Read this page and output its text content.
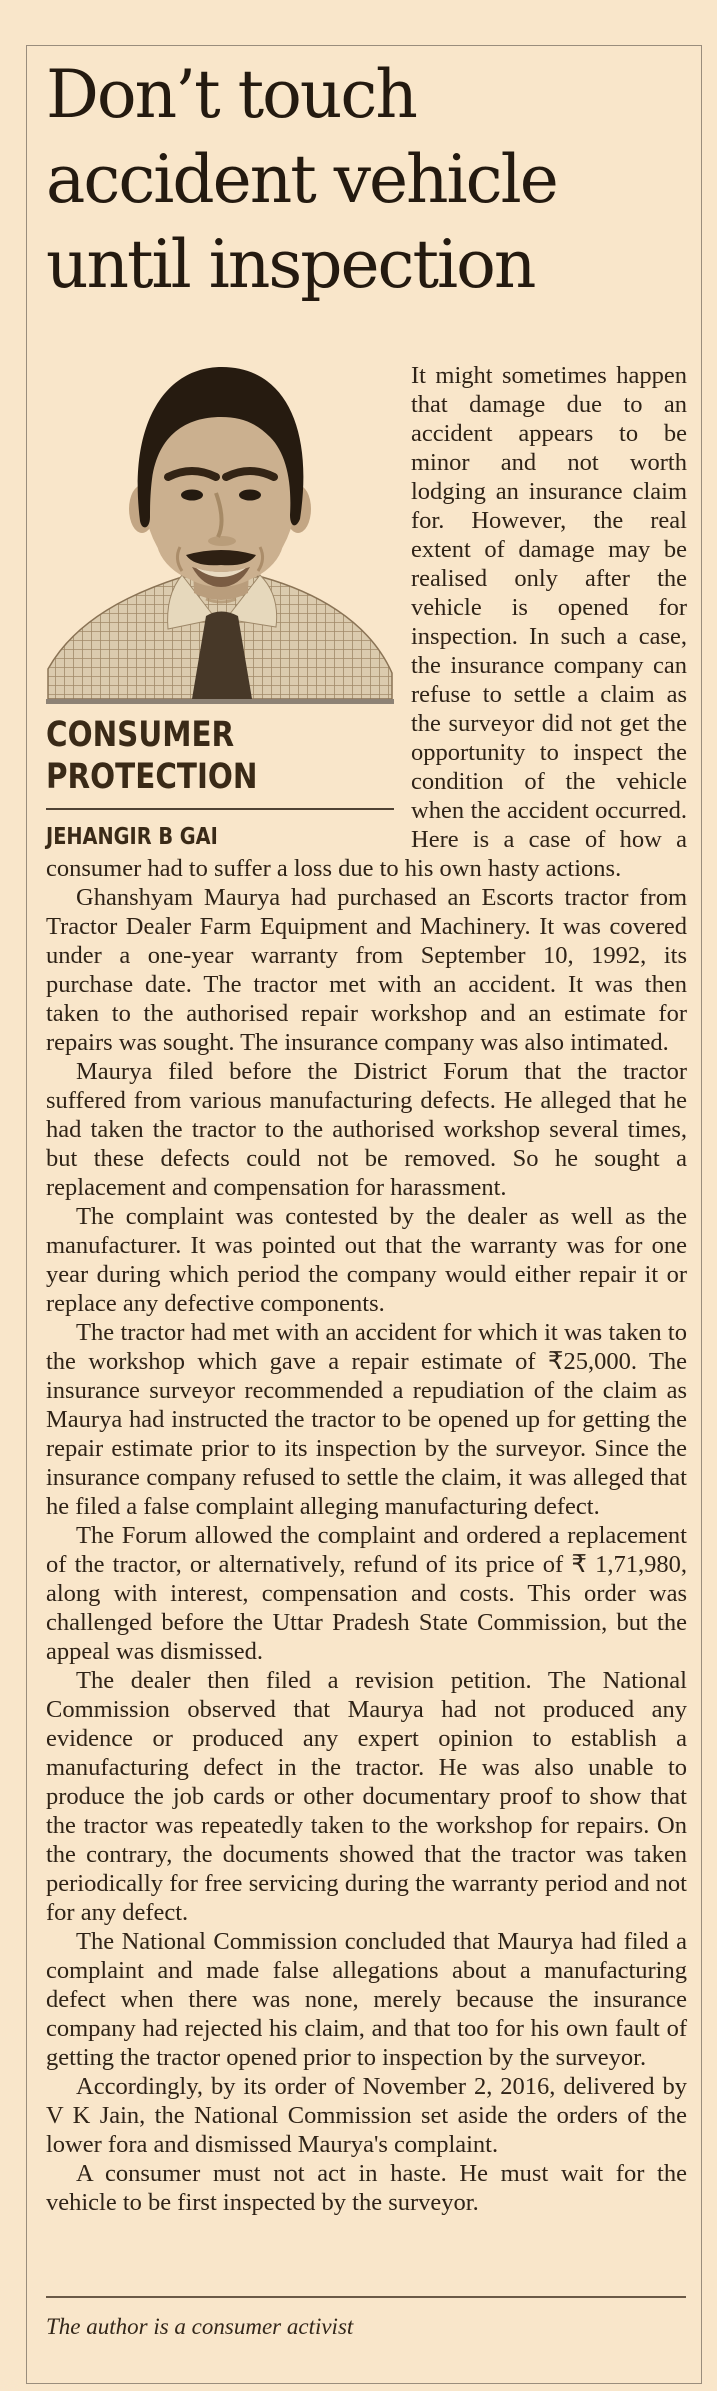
Don’t touch accident vehicle until inspection
CONSUMER
PROTECTION
JEHANGIR B GAI

It might sometimes happen that damage due to an accident appears to be minor and not worth lodging an insurance claim for. However, the real extent of damage may be realised only after the vehicle is opened for inspection. In such a case, the insurance company can refuse to settle a claim as the surveyor did not get the opportunity to inspect the condition of the vehicle when the accident occurred. Here is a case of how a consumer had to suffer a loss due to his own hasty actions.

Ghanshyam Maurya had purchased an Escorts tractor from Tractor Dealer Farm Equipment and Machinery. It was covered under a one-year warranty from September 10, 1992, its purchase date. The tractor met with an accident. It was then taken to the authorised repair workshop and an estimate for repairs was sought. The insurance company was also intimated.

Maurya filed before the District Forum that the tractor suffered from various manufacturing defects. He alleged that he had taken the tractor to the authorised workshop several times, but these defects could not be removed. So he sought a replacement and compensation for harassment.

The complaint was contested by the dealer as well as the manufacturer. It was pointed out that the warranty was for one year during which period the company would either repair it or replace any defective components.

The tractor had met with an accident for which it was taken to the workshop which gave a repair estimate of ₹25,000. The insurance surveyor recommended a repudiation of the claim as Maurya had instructed the tractor to be opened up for getting the repair estimate prior to its inspection by the surveyor. Since the insurance company refused to settle the claim, it was alleged that he filed a false complaint alleging manufacturing defect.

The Forum allowed the complaint and ordered a replacement of the tractor, or alternatively, refund of its price of ₹ 1,71,980, along with interest, compensation and costs. This order was challenged before the Uttar Pradesh State Commission, but the appeal was dismissed.

The dealer then filed a revision petition. The National Commission observed that Maurya had not produced any evidence or produced any expert opinion to establish a manufacturing defect in the tractor. He was also unable to produce the job cards or other documentary proof to show that the tractor was repeatedly taken to the workshop for repairs. On the contrary, the documents showed that the tractor was taken periodically for free servicing during the warranty period and not for any defect.

The National Commission concluded that Maurya had filed a complaint and made false allegations about a manufacturing defect when there was none, merely because the insurance company had rejected his claim, and that too for his own fault of getting the tractor opened prior to inspection by the surveyor.

Accordingly, by its order of November 2, 2016, delivered by V K Jain, the National Commission set aside the orders of the lower fora and dismissed Maurya's complaint.

A consumer must not act in haste. He must wait for the vehicle to be first inspected by the surveyor.

The author is a consumer activist
